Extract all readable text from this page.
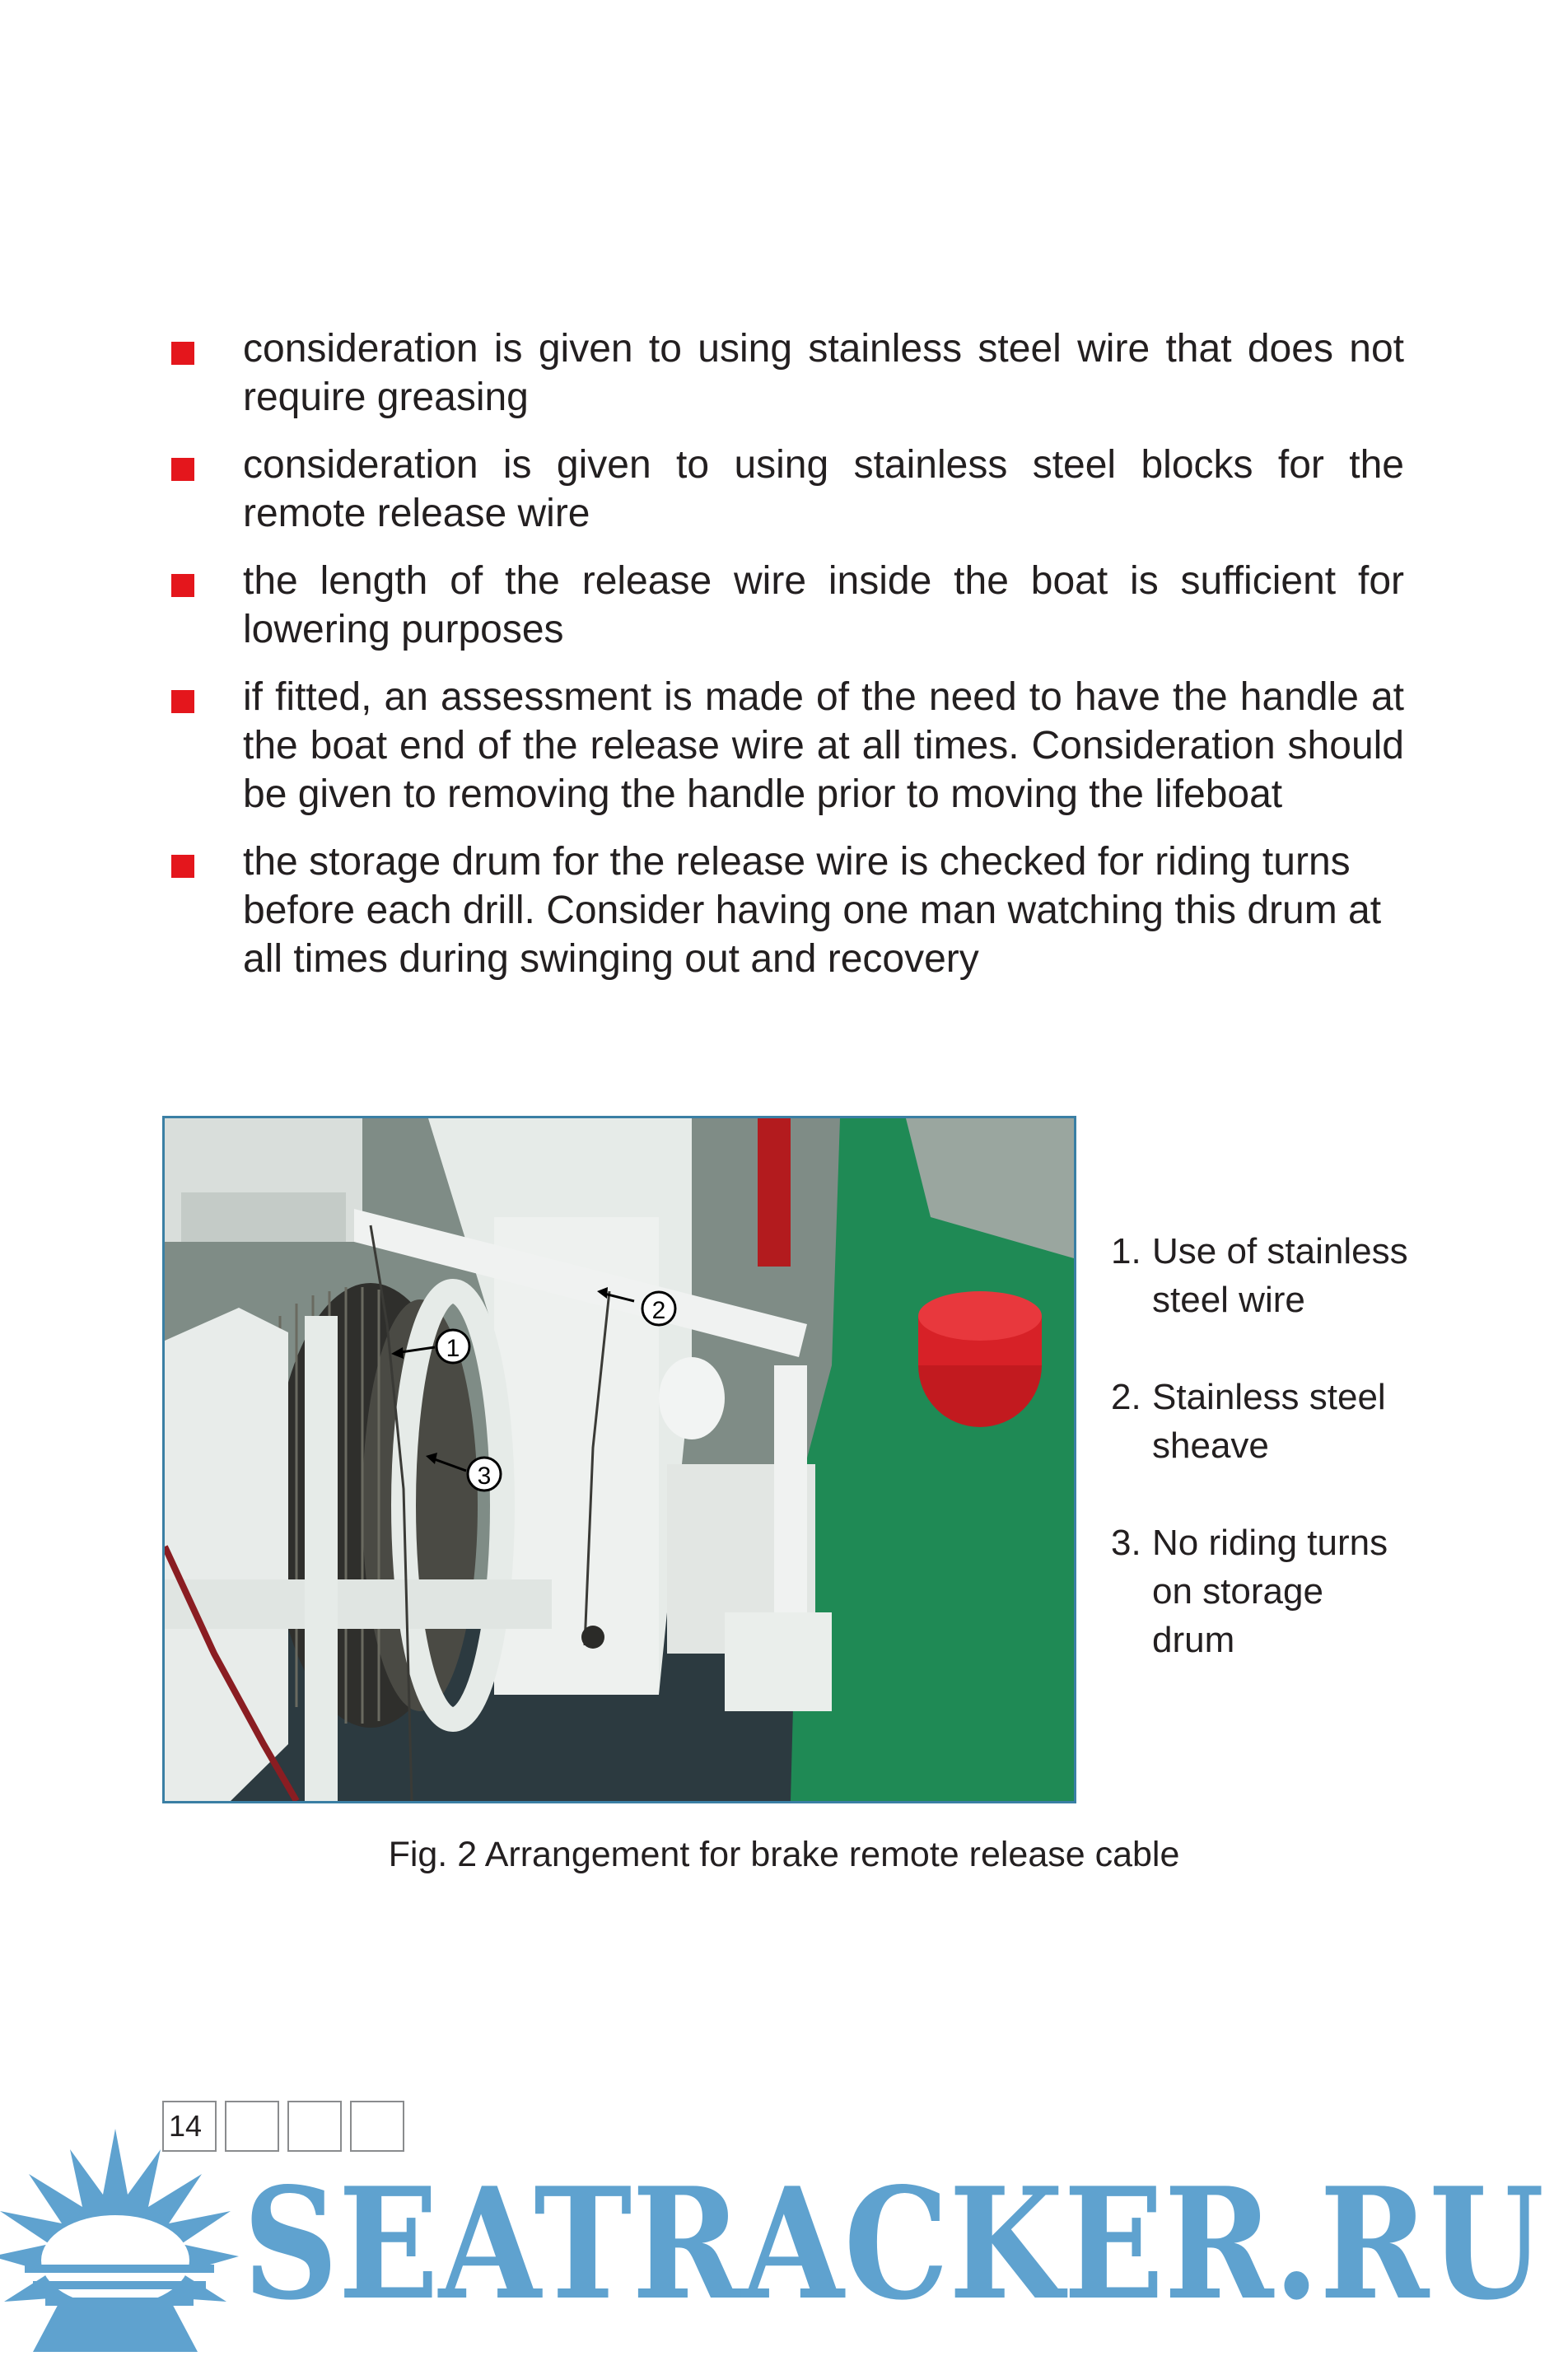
consideration is given to using stainless steel wire that does not require greasing
consideration is given to using stainless steel blocks for the remote release wire
the length of the release wire inside the boat is sufficient for lowering purposes
if fitted, an assessment is made of the need to have the handle at the boat end of the release wire at all times. Consideration should be given to removing the handle prior to moving the lifeboat
the storage drum for the release wire is checked for riding turns before each drill. Consider having one man watching this drum at all times during swinging out and recovery
1
2
3
1. Use of stainless steel wire
2. Stainless steel sheave
3. No riding turns on storage drum
Fig. 2 Arrangement for brake remote release cable
14
SEATRACKER.RU
